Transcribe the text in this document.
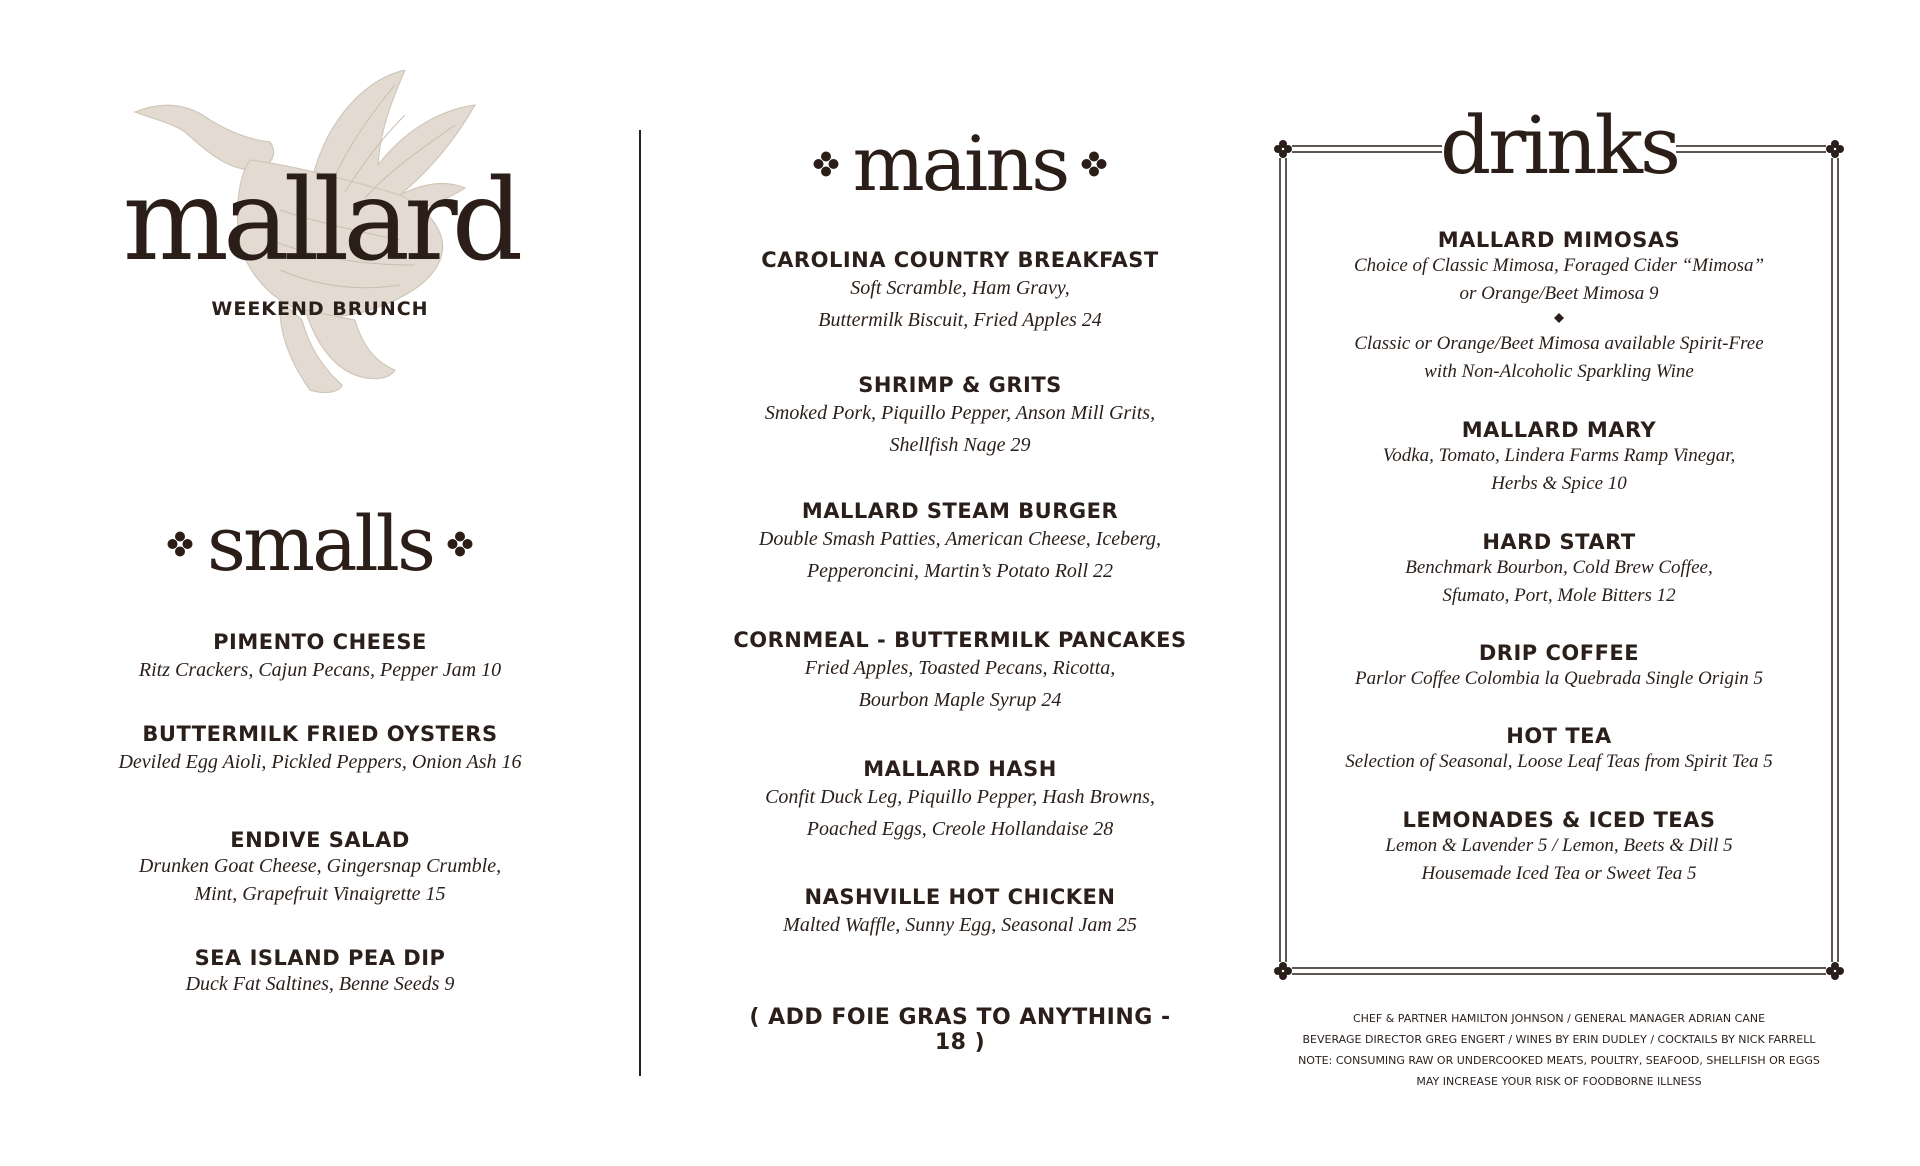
mallard
WEEKEND BRUNCH
smalls
PIMENTO CHEESE
Ritz Crackers, Cajun Pecans, Pepper Jam 10
BUTTERMILK FRIED OYSTERS
Deviled Egg Aioli, Pickled Peppers, Onion Ash 16
ENDIVE SALAD
Drunken Goat Cheese, Gingersnap Crumble,
Mint, Grapefruit Vinaigrette 15
SEA ISLAND PEA DIP
Duck Fat Saltines, Benne Seeds 9
mains
CAROLINA COUNTRY BREAKFAST
Soft Scramble, Ham Gravy,
Buttermilk Biscuit, Fried Apples 24
SHRIMP & GRITS
Smoked Pork, Piquillo Pepper, Anson Mill Grits,
Shellfish Nage 29
MALLARD STEAM BURGER
Double Smash Patties, American Cheese, Iceberg,
Pepperoncini, Martin’s Potato Roll 22
CORNMEAL - BUTTERMILK PANCAKES
Fried Apples, Toasted Pecans, Ricotta,
Bourbon Maple Syrup 24
MALLARD HASH
Confit Duck Leg, Piquillo Pepper, Hash Browns,
Poached Eggs, Creole Hollandaise 28
NASHVILLE HOT CHICKEN
Malted Waffle, Sunny Egg, Seasonal Jam 25
( ADD FOIE GRAS TO ANYTHING - 18 )
drinks
MALLARD MIMOSAS
Choice of Classic Mimosa, Foraged Cider “Mimosa”
or Orange/Beet Mimosa 9
Classic or Orange/Beet Mimosa available Spirit-Free
with Non-Alcoholic Sparkling Wine
MALLARD MARY
Vodka, Tomato, Lindera Farms Ramp Vinegar,
Herbs & Spice 10
HARD START
Benchmark Bourbon, Cold Brew Coffee,
Sfumato, Port, Mole Bitters 12
DRIP COFFEE
Parlor Coffee Colombia la Quebrada Single Origin 5
HOT TEA
Selection of Seasonal, Loose Leaf Teas from Spirit Tea 5
LEMONADES & ICED TEAS
Lemon & Lavender 5 / Lemon, Beets & Dill 5
Housemade Iced Tea or Sweet Tea 5
CHEF & PARTNER HAMILTON JOHNSON / GENERAL MANAGER ADRIAN CANE
BEVERAGE DIRECTOR GREG ENGERT / WINES BY ERIN DUDLEY / COCKTAILS BY NICK FARRELL
NOTE: CONSUMING RAW OR UNDERCOOKED MEATS, POULTRY, SEAFOOD, SHELLFISH OR EGGS
MAY INCREASE YOUR RISK OF FOODBORNE ILLNESS
